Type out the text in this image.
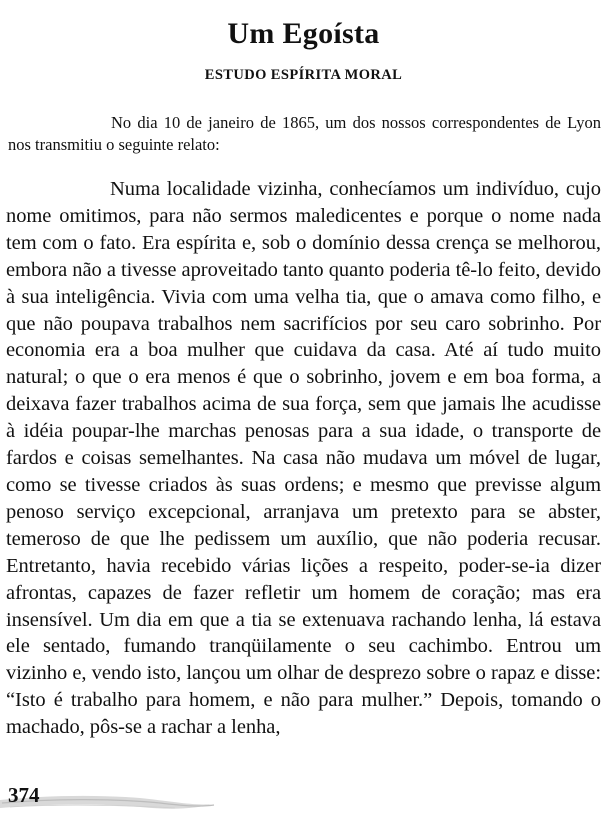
Um Egoísta
ESTUDO ESPÍRITA MORAL

No dia 10 de janeiro de 1865, um dos nossos correspondentes de Lyon nos transmitiu o seguinte relato:

Numa localidade vizinha, conhecíamos um indivíduo, cujo nome omitimos, para não sermos maledicentes e porque o nome nada tem com o fato. Era espírita e, sob o domínio dessa crença se melhorou, embora não a tivesse aproveitado tanto quanto poderia tê-lo feito, devido à sua inteligência. Vivia com uma velha tia, que o amava como filho, e que não poupava trabalhos nem sacrifícios por seu caro sobrinho. Por economia era a boa mulher que cuidava da casa. Até aí tudo muito natural; o que o era menos é que o sobrinho, jovem e em boa forma, a deixava fazer trabalhos acima de sua força, sem que jamais lhe acudisse à idéia poupar-lhe marchas penosas para a sua idade, o transporte de fardos e coisas semelhantes. Na casa não mudava um móvel de lugar, como se tivesse criados às suas ordens; e mesmo que previsse algum penoso serviço excepcional, arranjava um pretexto para se abster, temeroso de que lhe pedissem um auxílio, que não poderia recusar. Entretanto, havia recebido várias lições a respeito, poder-se-ia dizer afrontas, capazes de fazer refletir um homem de coração; mas era insensível. Um dia em que a tia se extenuava rachando lenha, lá estava ele sentado, fumando tranqüilamente o seu cachimbo. Entrou um vizinho e, vendo isto, lançou um olhar de desprezo sobre o rapaz e disse: “Isto é trabalho para homem, e não para mulher.” Depois, tomando o machado, pôs-se a rachar a lenha,

374
